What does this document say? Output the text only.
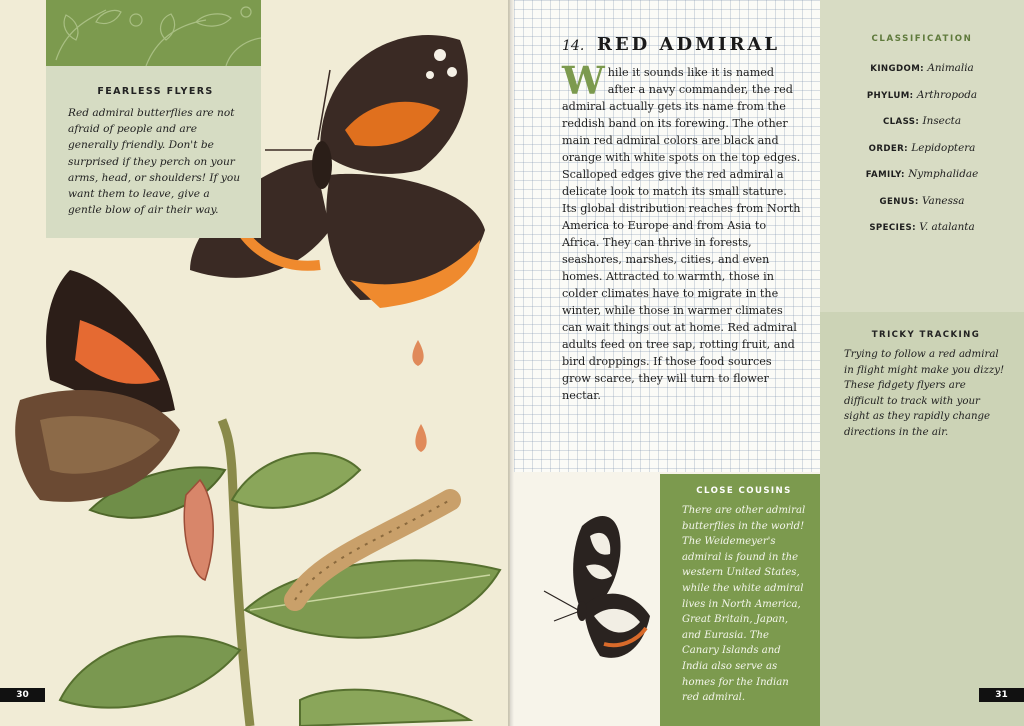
FEARLESS FLYERS

Red admiral butterflies are not afraid of people and are generally friendly. Don't be surprised if they perch on your arms, head, or shoulders! If you want them to leave, give a gentle blow of air their way.

30
14. RED ADMIRAL
While it sounds like it is named after a navy commander, the red admiral actually gets its name from the reddish band on its forewing. The other main red admiral colors are black and orange with white spots on the top edges. Scalloped edges give the red admiral a delicate look to match its small stature. Its global distribution reaches from North America to Europe and from Asia to Africa. They can thrive in forests, seashores, marshes, cities, and even homes. Attracted to warmth, those in colder climates have to migrate in the winter, while those in warmer climates can wait things out at home. Red admiral adults feed on tree sap, rotting fruit, and bird droppings. If those food sources grow scarce, they will turn to flower nectar.
CLASSIFICATION
KINGDOM: Animalia
PHYLUM: Arthropoda
CLASS: Insecta
ORDER: Lepidoptera
FAMILY: Nymphalidae
GENUS: Vanessa
SPECIES: V. atalanta
TRICKY TRACKING

Trying to follow a red admiral in flight might make you dizzy! These fidgety flyers are difficult to track with your sight as they rapidly change directions in the air.

CLOSE COUSINS

There are other admiral butterflies in the world! The Weidemeyer's admiral is found in the western United States, while the white admiral lives in North America, Great Britain, Japan, and Eurasia. The Canary Islands and India also serve as homes for the Indian red admiral.	31
